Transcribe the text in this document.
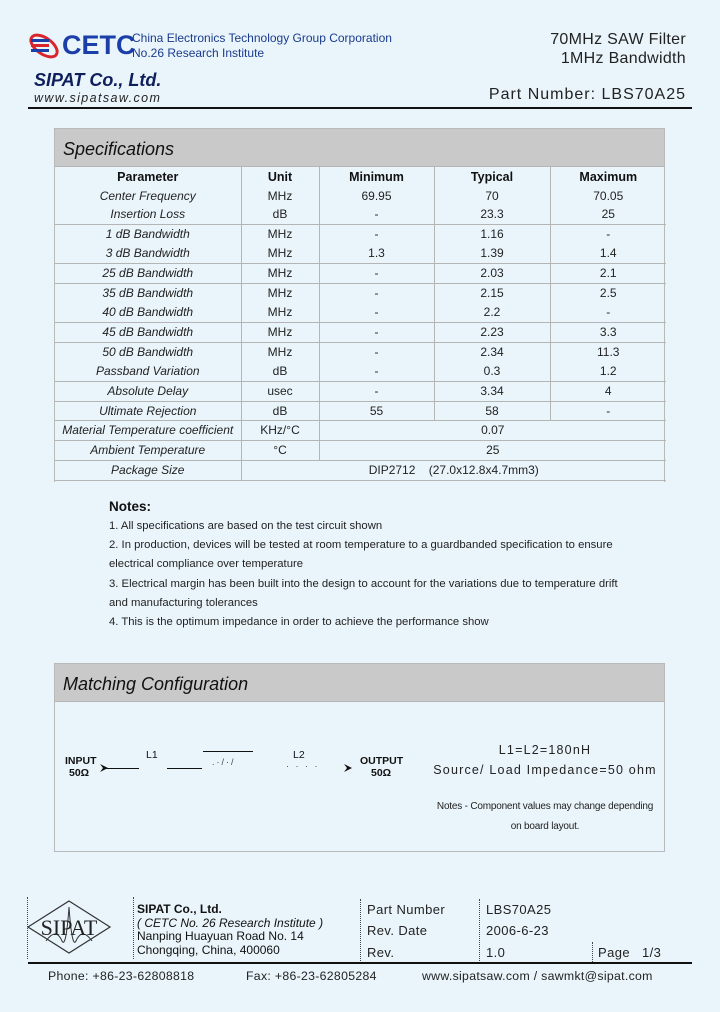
CETC
China Electronics Technology Group Corporation
No.26 Research Institute
SIPAT Co., Ltd.
www.sipatsaw.com
70MHz SAW Filter
1MHz Bandwidth
Part Number: LBS70A25
Specifications
Parameter	Unit	Minimum	Typical	Maximum
Center Frequency	MHz	69.95	70	70.05
Insertion Loss	dB	-	23.3	25
1 dB Bandwidth	MHz	-	1.16	-
3 dB Bandwidth	MHz	1.3	1.39	1.4
25 dB Bandwidth	MHz	-	2.03	2.1
35 dB Bandwidth	MHz	-	2.15	2.5
40 dB Bandwidth	MHz	-	2.2	-
45 dB Bandwidth	MHz	-	2.23	3.3
50 dB Bandwidth	MHz	-	2.34	11.3
Passband Variation	dB	-	0.3	1.2
Absolute Delay	usec	-	3.34	4
Ultimate Rejection	dB	55	58	-
Material Temperature coefficient	KHz/°C	0.07		
Ambient Temperature	°C	25		
Package Size	DIP2712    (27.0x12.8x4.7mm3)			
Notes:
1. All specifications are based on the test circuit shown
2. In production, devices will be tested at room temperature to a guardbanded specification to ensure
electrical compliance over temperature
3. Electrical margin has been built into the design to account for the variations due to temperature drift
and manufacturing tolerances
4. This is the optimum impedance in order to achieve the performance show
Matching Configuration
INPUT
50Ω
L1
.·/·/
L2
· · · ·	OUTPUT
50Ω
L1=L2=180nH
Source/ Load Impedance=50 ohm
Notes - Component values may change depending
on board layout.
SIPAT
SIPAT Co., Ltd.
( CETC No. 26 Research Institute )
Nanping Huayuan Road No. 14
Chongqing, China, 400060
Part Number	LBS70A25
Rev. Date	2006-6-23
Rev.	1.0	Page 1/3
Phone: +86-23-62808818	Fax: +86-23-62805284	www.sipatsaw.com / sawmkt@sipat.com
